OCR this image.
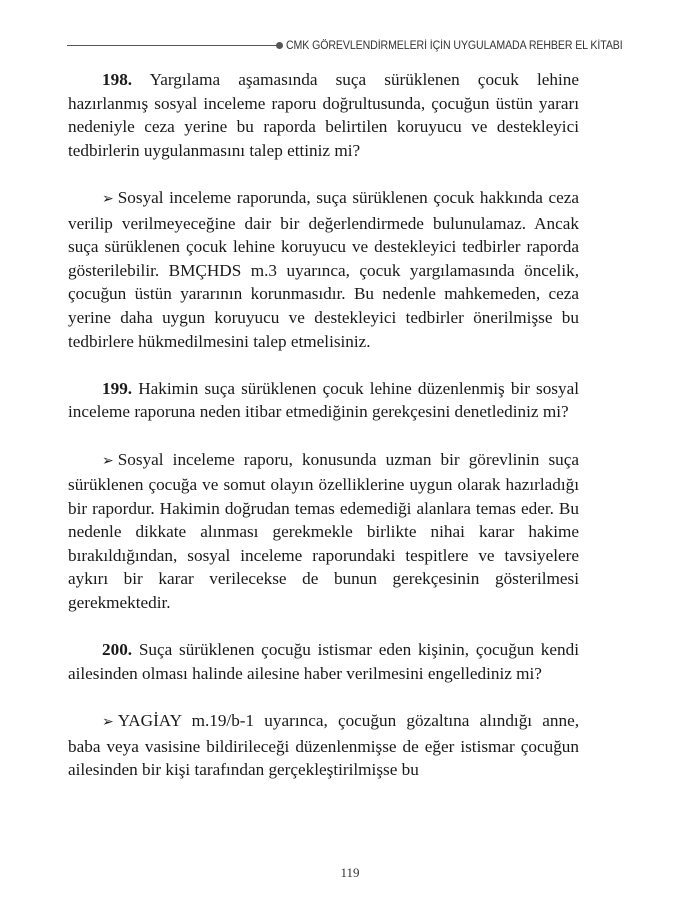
CMK GÖREVLENDİRMELERİ İÇİN UYGULAMADA REHBER EL KİTABI

198. Yargılama aşamasında suça sürüklenen çocuk lehine hazırlanmış sosyal inceleme raporu doğrultusunda, çocuğun üstün yararı nedeniyle ceza yerine bu raporda belirtilen koruyucu ve destekleyici tedbirlerin uygulanmasını talep ettiniz mi?

➢ Sosyal inceleme raporunda, suça sürüklenen çocuk hakkında ceza verilip verilmeyeceğine dair bir değerlendirmede bulunulamaz. Ancak suça sürüklenen çocuk lehine koruyucu ve destekleyici tedbirler raporda gösterilebilir. BMÇHDS m.3 uyarınca, çocuk yargılamasında öncelik, çocuğun üstün yararının korunmasıdır. Bu nedenle mahkemeden, ceza yerine daha uygun koruyucu ve destekleyici tedbirler önerilmişse bu tedbirlere hükmedilmesini talep etmelisiniz.

199. Hakimin suça sürüklenen çocuk lehine düzenlenmiş bir sosyal inceleme raporuna neden itibar etmediğinin gerekçesini denetlediniz mi?

➢ Sosyal inceleme raporu, konusunda uzman bir görevlinin suça sürüklenen çocuğa ve somut olayın özelliklerine uygun olarak hazırladığı bir rapordur. Hakimin doğrudan temas edemediği alanlara temas eder. Bu nedenle dikkate alınması gerekmekle birlikte nihai karar hakime bırakıldığından, sosyal inceleme raporundaki tespitlere ve tavsiyelere aykırı bir karar verilecekse de bunun gerekçesinin gösterilmesi gerekmektedir.

200. Suça sürüklenen çocuğu istismar eden kişinin, çocuğun kendi ailesinden olması halinde ailesine haber verilmesini engellediniz mi?

➢ YAGİAY m.19/b-1 uyarınca, çocuğun gözaltına alındığı anne, baba veya vasisine bildirileceği düzenlenmişse de eğer istismar çocuğun ailesinden bir kişi tarafından gerçekleştirilmişse bu

119
